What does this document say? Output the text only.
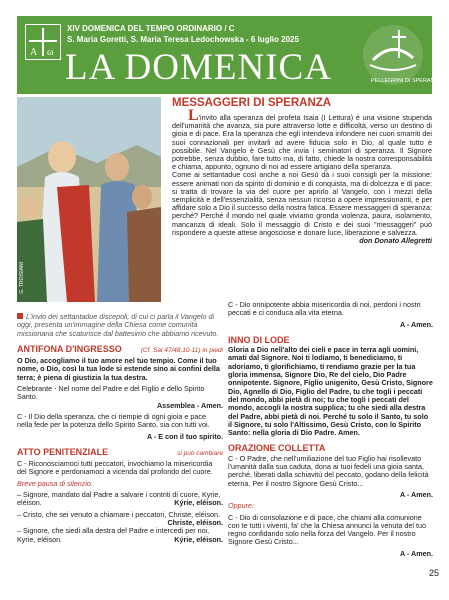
A ω
XIV DOMENICA DEL TEMPO ORDINARIO / C
S. Maria Goretti, S. Maria Teresa Ledochowska - 6 luglio 2025
LA DOMENICA	PELLEGRINI DI SPERANZA
G. TROISIANI
MESSAGGERI DI SPERANZA

L'invito alla speranza del profeta Isaia (I Lettura) è una visione stupenda dell'umanità che avanza, sia pure attraverso lotte e difficoltà, verso un destino di gioia e di pace. Era la speranza che egli intendeva infondere nei cuori smarriti dei suoi connazionali per invitarli ad avere fiducia solo in Dio, al quale tutto è possibile. Nel Vangelo è Gesù che invia i seminatori di speranza. Il Signore potrebbe, senza dubbio, fare tutto ma, di fatto, chiede la nostra corresponsabilità e chiama, appunto, ognuno di noi ad essere artigiano della speranza.

Come ai settantadue così anche a noi Gesù dà i suoi consigli per la missione: essere animati non da spirito di dominio e di conquista, ma di dolcezza e di pace: si tratta di trovare la via del cuore per aprirlo al Vangelo, con i mezzi della semplicità e dell'essenzialità, senza nessun ricorso a opere impressionanti, e per affidare solo a Dio il successo della nostra fatica. Essere messaggeri di speranza: perché? Perché il mondo nel quale viviamo gronda violenza, paura, isolamento, mancanza di ideali. Solo il messaggio di Cristo e dei suoi "messaggeri" può rispondere a queste attese angosciose e donare luce, liberazione e salvezza.
don Donato Allegretti

L'invio dei settantadue discepoli, di cui ci parla il Vangelo di oggi, presenta un'immagine della Chiesa come comunità missionaria che scaturisce dal battesimo che abbiamo ricevuto.

ANTIFONA D'INGRESSO	(Cf. Sal 47/48,10-11) in piedi

O Dio, accogliamo il tuo amore nel tuo tempio. Come il tuo nome, o Dio, così la tua lode si estende sino ai confini della terra; è piena di giustizia la tua destra.

Celebrante - Nel nome del Padre e del Figlio e dello Spirito Santo.

Assemblea - Amen.

C - Il Dio della speranza, che ci riempie di ogni gioia e pace nella fede per la potenza dello Spirito Santo, sia con tutti voi.

A - E con il tuo spirito.

ATTO PENITENZIALE	si può cambiare

C - Riconosciamoci tutti peccatori, invochiamo la misericordia del Signore e perdoniamoci a vicenda dal profondo del cuore.

Breve pausa di silenzio.

– Signore, mandato dal Padre a salvare i contriti di cuore, Kyrie, eléison.	Kýrie, eléison.

– Cristo, che sei venuto a chiamare i peccatori, Christe, eléison.
Christe, eléison.

– Signore, che siedi alla destra del Padre e intercedi per noi, Kyrie, eléison.	Kýrie, eléison.

C - Dio onnipotente abbia misericordia di noi, perdoni i nostri peccati e ci conduca alla vita eterna.

A - Amen.

INNO DI LODE

Gloria a Dio nell'alto dei cieli e pace in terra agli uomini, amati dal Signore. Noi ti lodiamo, ti benediciamo, ti adoriamo, ti glorifichiamo, ti rendiamo grazie per la tua gloria immensa, Signore Dio, Re del cielo, Dio Padre onnipotente. Signore, Figlio unigenito, Gesù Cristo, Signore Dio, Agnello di Dio, Figlio del Padre, tu che togli i peccati del mondo, abbi pietà di noi; tu che togli i peccati del mondo, accogli la nostra supplica; tu che siedi alla destra del Padre, abbi pietà di noi. Perché tu solo il Santo, tu solo il Signore, tu solo l'Altissimo, Gesù Cristo, con lo Spirito Santo: nella gloria di Dio Padre. Amen.

ORAZIONE COLLETTA

C - O Padre, che nell'umiliazione del tuo Figlio hai risollevato l'umanità dalla sua caduta, dona ai tuoi fedeli una gioia santa, perché, liberati dalla schiavitù del peccato, godano della felicità eterna. Per il nostro Signore Gesù Cristo...

A - Amen.

Oppure:

C - Dio di consolazione e di pace, che chiami alla comunione con te tutti i viventi, fa' che la Chiesa annunci la venuta del tuo regno confidando solo nella forza del Vangelo. Per il nostro Signore Gesù Cristo...

A - Amen.

25
